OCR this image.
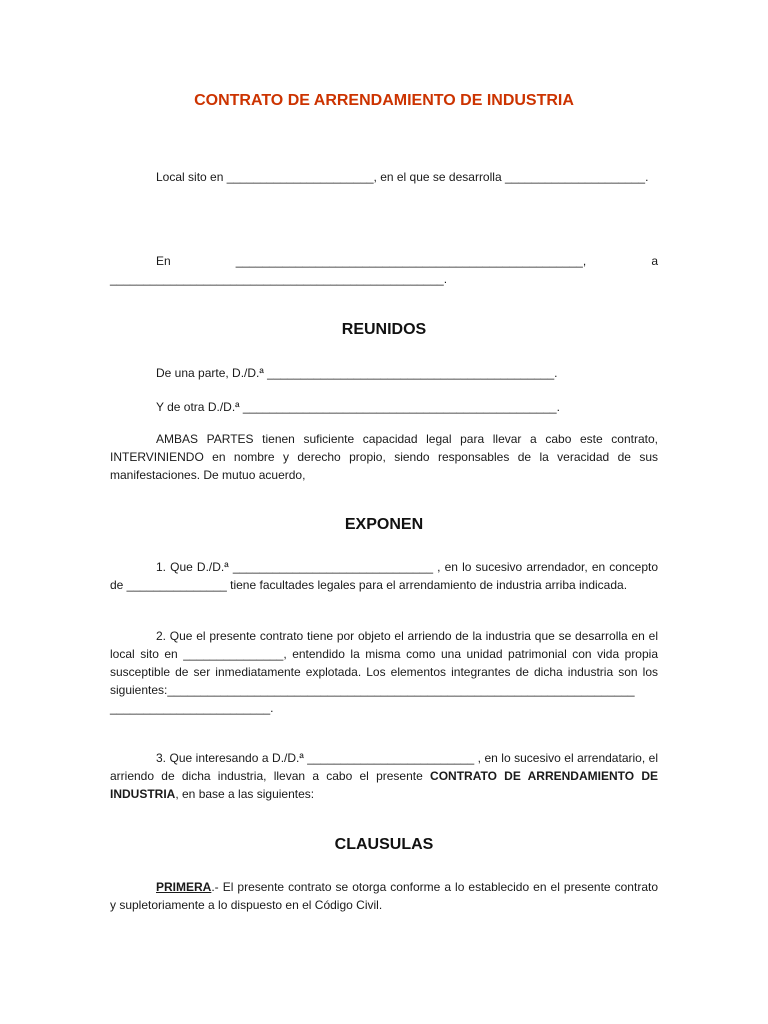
CONTRATO DE ARRENDAMIENTO DE INDUSTRIA

Local sito en ______________________, en el que se desarrolla _____________________.

En ____________________________________________________, a __________________________________________________.

REUNIDOS

De una parte, D./D.ª ___________________________________________.

Y de otra D./D.ª _______________________________________________.

AMBAS PARTES tienen suficiente capacidad legal para llevar a cabo este contrato, INTERVINIENDO en nombre y derecho propio, siendo responsables de la veracidad de sus manifestaciones. De mutuo acuerdo,

EXPONEN

1. Que D./D.ª ______________________________ , en lo sucesivo arrendador, en concepto de _______________ tiene facultades legales para el arrendamiento de industria arriba indicada.

2. Que el presente contrato tiene por objeto el arriendo de la industria que se desarrolla en el local sito en _______________, entendido la misma como una unidad patrimonial con vida propia susceptible de ser inmediatamente explotada. Los elementos integrantes de dicha industria son los siguientes:______________________________________________________________________ ________________________.

3. Que interesando a D./D.ª _________________________ , en lo sucesivo el arrendatario, el arriendo de dicha industria, llevan a cabo el presente CONTRATO DE ARRENDAMIENTO DE INDUSTRIA, en base a las siguientes:

CLAUSULAS

PRIMERA.- El presente contrato se otorga conforme a lo establecido en el presente contrato y supletoriamente a lo dispuesto en el Código Civil.
